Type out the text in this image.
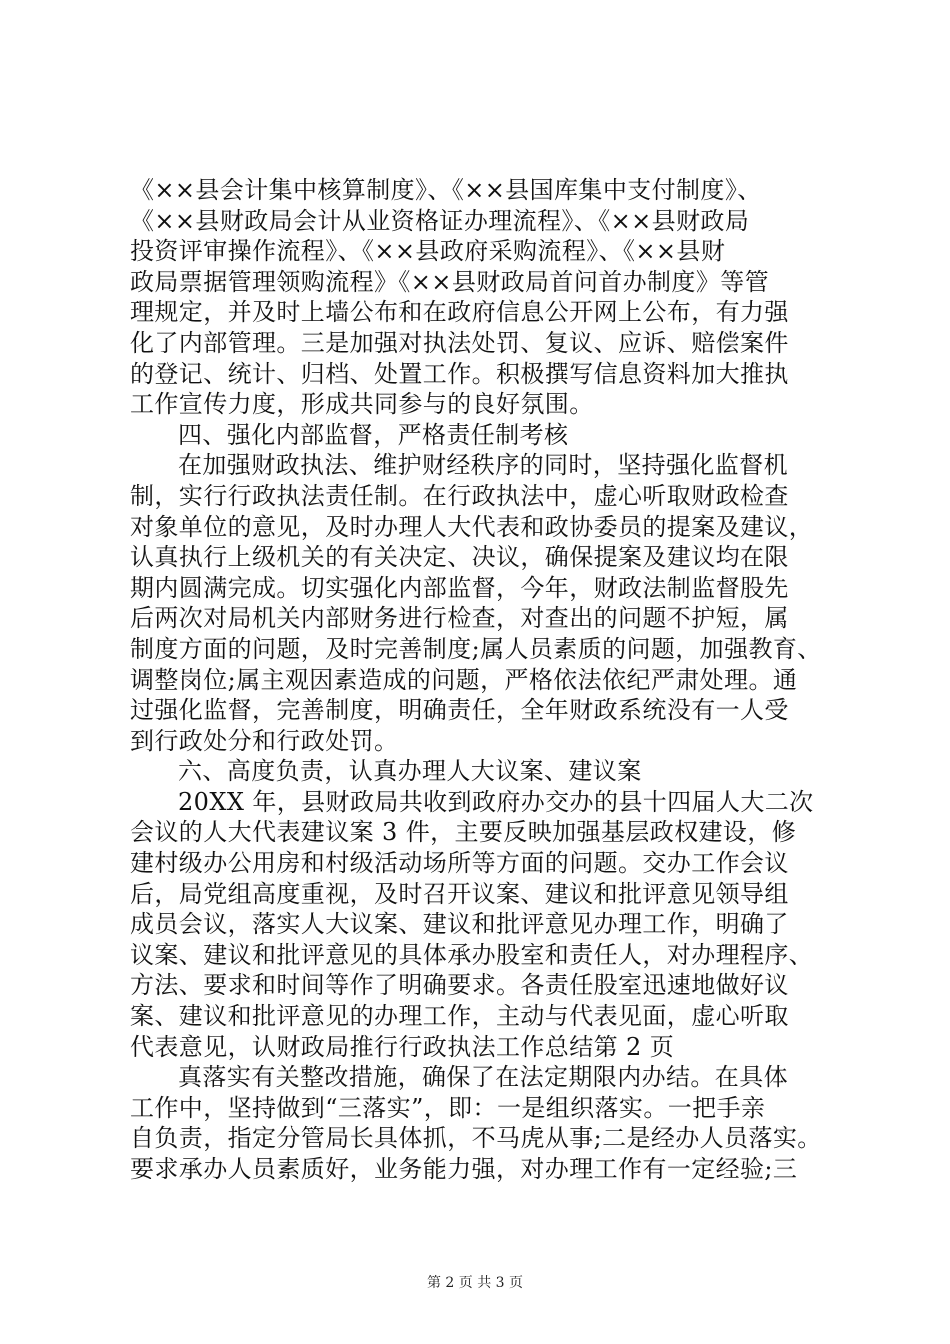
《××县会计集中核算制度》、《××县国库集中支付制度》、
《××县财政局会计从业资格证办理流程》、《××县财政局
投资评审操作流程》、《××县政府采购流程》、《××县财
政局票据管理领购流程》《××县财政局首问首办制度》等管
理规定，并及时上墙公布和在政府信息公开网上公布，有力强
化了内部管理。三是加强对执法处罚、复议、应诉、赔偿案件
的登记、统计、归档、处置工作。积极撰写信息资料加大推执
工作宣传力度，形成共同参与的良好氛围。
四、强化内部监督，严格责任制考核
在加强财政执法、维护财经秩序的同时，坚持强化监督机
制，实行行政执法责任制。在行政执法中，虚心听取财政检查
对象单位的意见，及时办理人大代表和政协委员的提案及建议，
认真执行上级机关的有关决定、决议，确保提案及建议均在限
期内圆满完成。切实强化内部监督，今年，财政法制监督股先
后两次对局机关内部财务进行检查，对查出的问题不护短，属
制度方面的问题，及时完善制度;属人员素质的问题，加强教育、
调整岗位;属主观因素造成的问题，严格依法依纪严肃处理。通
过强化监督，完善制度，明确责任，全年财政系统没有一人受
到行政处分和行政处罚。
六、高度负责，认真办理人大议案、建议案
20XX 年，县财政局共收到政府办交办的县十四届人大二次
会议的人大代表建议案 3 件，主要反映加强基层政权建设，修
建村级办公用房和村级活动场所等方面的问题。交办工作会议
后，局党组高度重视，及时召开议案、建议和批评意见领导组
成员会议，落实人大议案、建议和批评意见办理工作，明确了
议案、建议和批评意见的具体承办股室和责任人，对办理程序、
方法、要求和时间等作了明确要求。各责任股室迅速地做好议
案、建议和批评意见的办理工作，主动与代表见面，虚心听取
代表意见，认财政局推行行政执法工作总结第 2 页
真落实有关整改措施，确保了在法定期限内办结。在具体
工作中，坚持做到“三落实”，即：一是组织落实。一把手亲
自负责，指定分管局长具体抓，不马虎从事;二是经办人员落实。
要求承办人员素质好，业务能力强，对办理工作有一定经验;三
第 2 页 共 3 页
